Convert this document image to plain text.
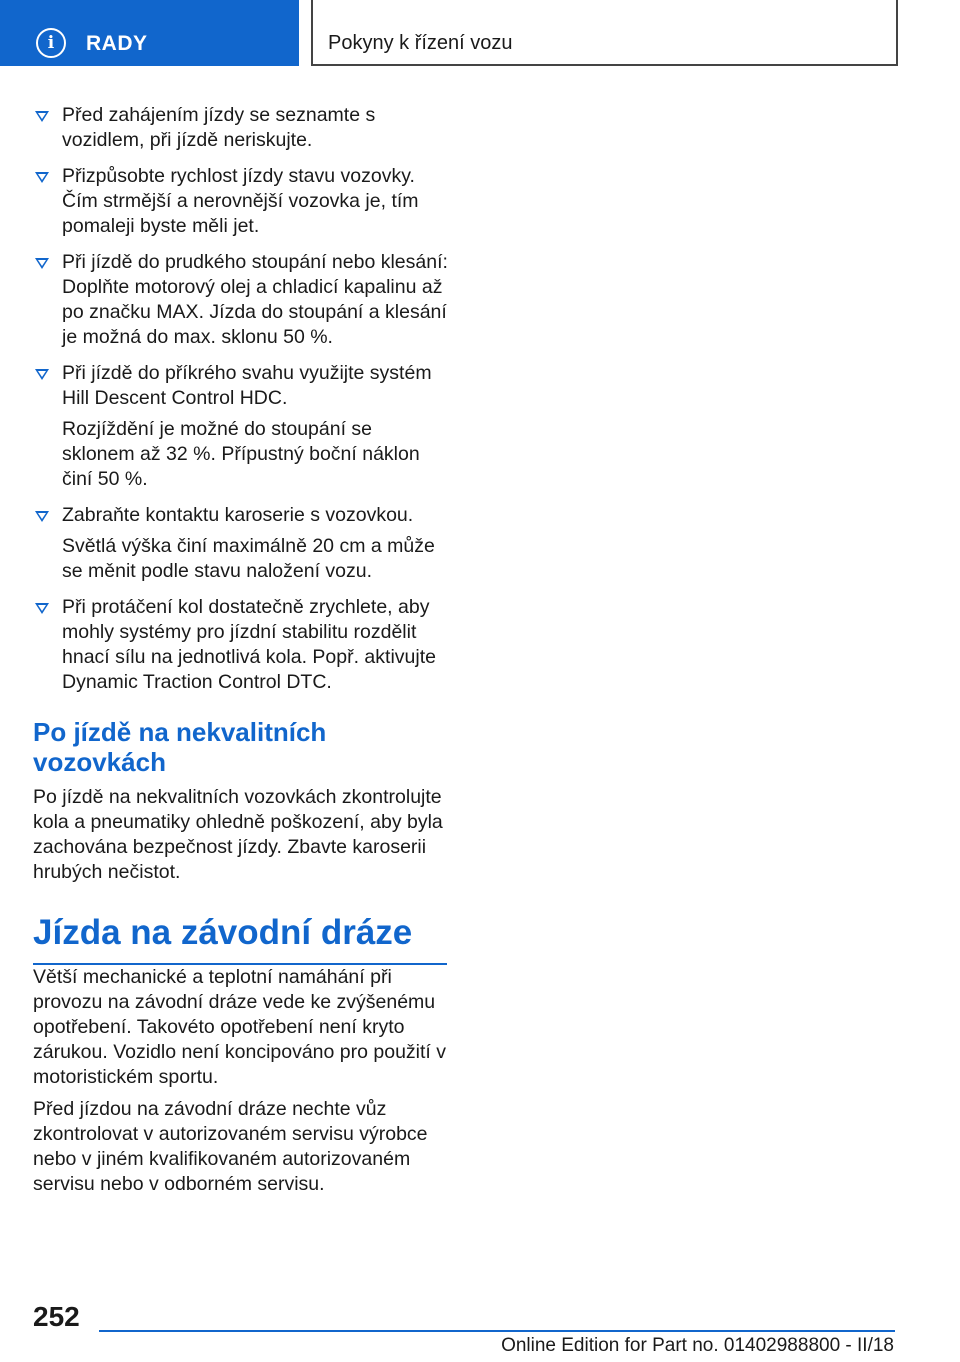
i	RADY	Pokyny k řízení vozu

Před zahájením jízdy se seznamte s vozidlem, při jízdě neriskujte.

Přizpůsobte rychlost jízdy stavu vozovky. Čím strmější a nerovnější vozovka je, tím pomaleji byste měli jet.

Při jízdě do prudkého stoupání nebo klesání: Doplňte motorový olej a chladicí kapalinu až po značku MAX. Jízda do stoupání a klesání je možná do max. sklonu 50 %.

Při jízdě do příkrého svahu využijte systém Hill Descent Control HDC.

Rozjíždění je možné do stoupání se sklonem až 32 %. Přípustný boční náklon činí 50 %.

Zabraňte kontaktu karoserie s vozovkou.

Světlá výška činí maximálně 20 cm a může se měnit podle stavu naložení vozu.

Při protáčení kol dostatečně zrychlete, aby mohly systémy pro jízdní stabilitu rozdělit hnací sílu na jednotlivá kola. Popř. aktivujte Dynamic Traction Control DTC.

Po jízdě na nekvalitních vozovkách

Po jízdě na nekvalitních vozovkách zkontrolujte kola a pneumatiky ohledně poškození, aby byla zachována bezpečnost jízdy. Zbavte karoserii hrubých nečistot.

Jízda na závodní dráze

Větší mechanické a teplotní namáhání při provozu na závodní dráze vede ke zvýšenému opotřebení. Takovéto opotřebení není kryto zárukou. Vozidlo není koncipováno pro použití v motoristickém sportu.

Před jízdou na závodní dráze nechte vůz zkontrolovat v autorizovaném servisu výrobce nebo v jiném kvalifikovaném autorizovaném servisu nebo v odborném servisu.

252
Online Edition for Part no. 01402988800 - II/18
